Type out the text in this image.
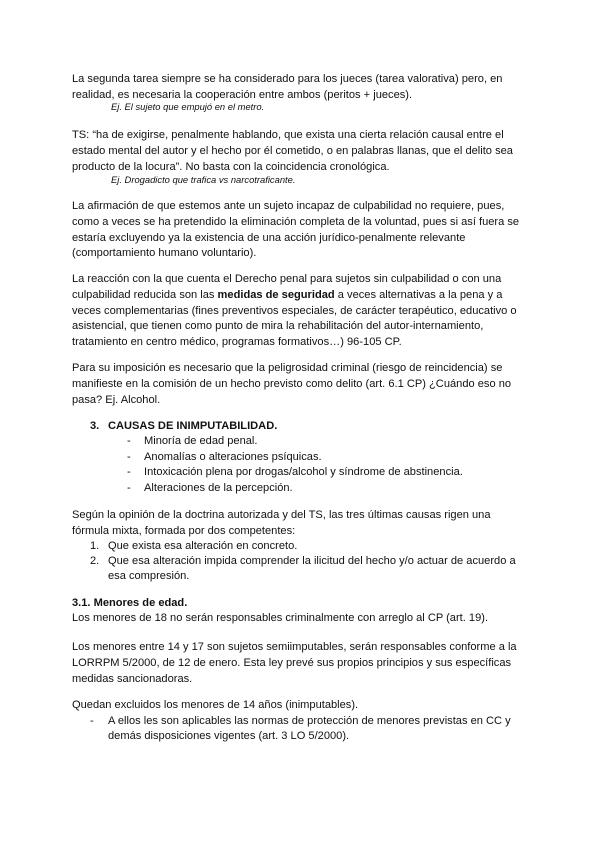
La segunda tarea siempre se ha considerado para los jueces (tarea valorativa) pero, en
realidad, es necesaria la cooperación entre ambos (peritos + jueces).
Ej. El sujeto que empujó en el metro.
TS: “ha de exigirse, penalmente hablando, que exista una cierta relación causal entre el
estado mental del autor y el hecho por él cometido, o en palabras llanas, que el delito sea
producto de la locura”. No basta con la coincidencia cronológica.
Ej. Drogadicto que trafica vs narcotraficante.
La afirmación de que estemos ante un sujeto incapaz de culpabilidad no requiere, pues,
como a veces se ha pretendido la eliminación completa de la voluntad, pues si así fuera se
estaría excluyendo ya la existencia de una acción jurídico-penalmente relevante
(comportamiento humano voluntario).
La reacción con la que cuenta el Derecho penal para sujetos sin culpabilidad o con una
culpabilidad reducida son las medidas de seguridad a veces alternativas a la pena y a
veces complementarias (fines preventivos especiales, de carácter terapéutico, educativo o
asistencial, que tienen como punto de mira la rehabilitación del autor-internamiento,
tratamiento en centro médico, programas formativos…) 96-105 CP.
Para su imposición es necesario que la peligrosidad criminal (riesgo de reincidencia) se
manifieste en la comisión de un hecho previsto como delito (art. 6.1 CP) ¿Cuándo eso no
pasa? Ej. Alcohol.
3. CAUSAS DE INIMPUTABILIDAD.
- Minoría de edad penal.
- Anomalías o alteraciones psíquicas.
- Intoxicación plena por drogas/alcohol y síndrome de abstinencia.
- Alteraciones de la percepción.
Según la opinión de la doctrina autorizada y del TS, las tres últimas causas rigen una
fórmula mixta, formada por dos competentes:
1. Que exista esa alteración en concreto.
2. Que esa alteración impida comprender la ilicitud del hecho y/o actuar de acuerdo a
esa compresión.
3.1. Menores de edad.
Los menores de 18 no serán responsables criminalmente con arreglo al CP (art. 19).
Los menores entre 14 y 17 son sujetos semiimputables, serán responsables conforme a la
LORRPM 5/2000, de 12 de enero. Esta ley prevé sus propios principios y sus específicas
medidas sancionadoras.
Quedan excluidos los menores de 14 años (inimputables).
- A ellos les son aplicables las normas de protección de menores previstas en CC y
demás disposiciones vigentes (art. 3 LO 5/2000).
